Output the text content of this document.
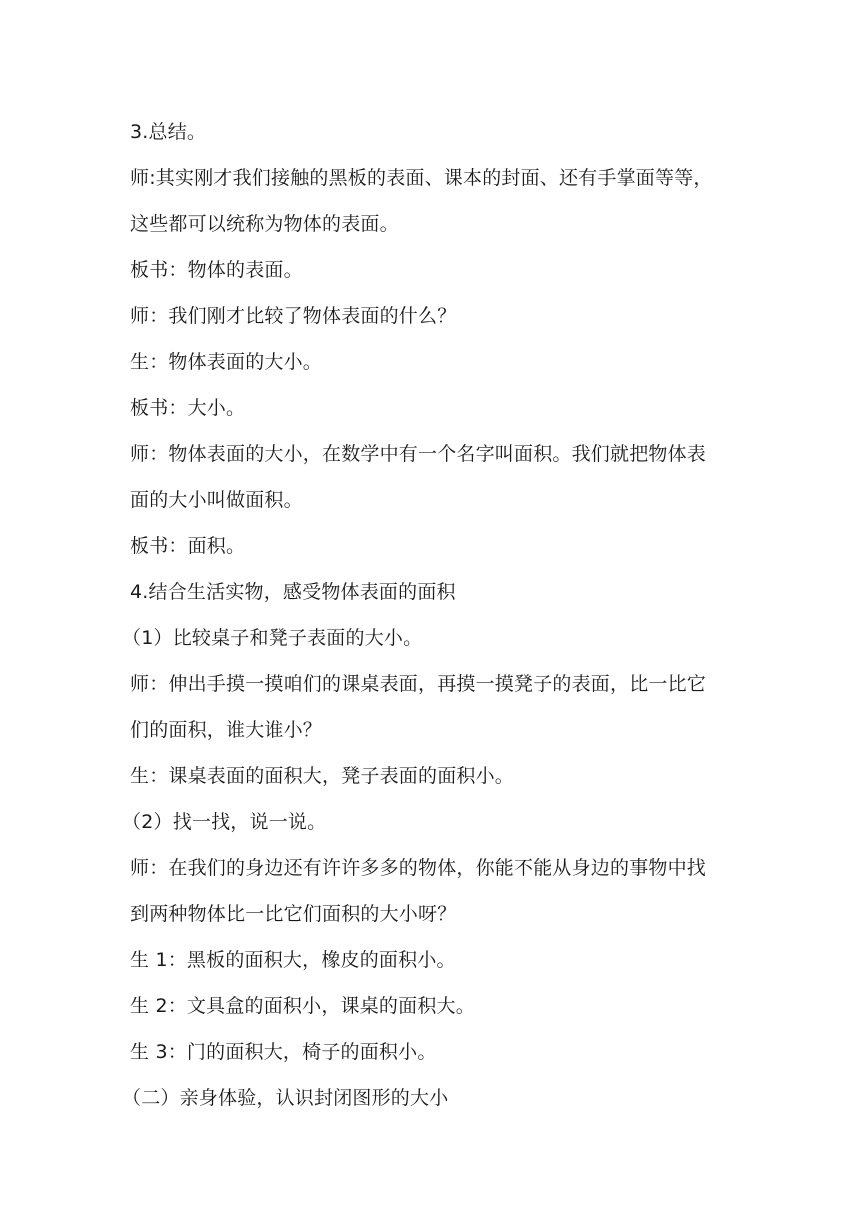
3.总结。
师:其实刚才我们接触的黑板的表面、课本的封面、还有手掌面等等，
这些都可以统称为物体的表面。
板书：物体的表面。
师：我们刚才比较了物体表面的什么？
生：物体表面的大小。
板书：大小。
师：物体表面的大小，在数学中有一个名字叫面积。我们就把物体表
面的大小叫做面积。
板书：面积。
4.结合生活实物，感受物体表面的面积
（1）比较桌子和凳子表面的大小。
师：伸出手摸一摸咱们的课桌表面，再摸一摸凳子的表面，比一比它
们的面积，谁大谁小？
生：课桌表面的面积大，凳子表面的面积小。
（2）找一找，说一说。
师：在我们的身边还有许许多多的物体，你能不能从身边的事物中找
到两种物体比一比它们面积的大小呀？
生 1：黑板的面积大，橡皮的面积小。
生 2：文具盒的面积小，课桌的面积大。
生 3：门的面积大，椅子的面积小。
（二）亲身体验，认识封闭图形的大小
